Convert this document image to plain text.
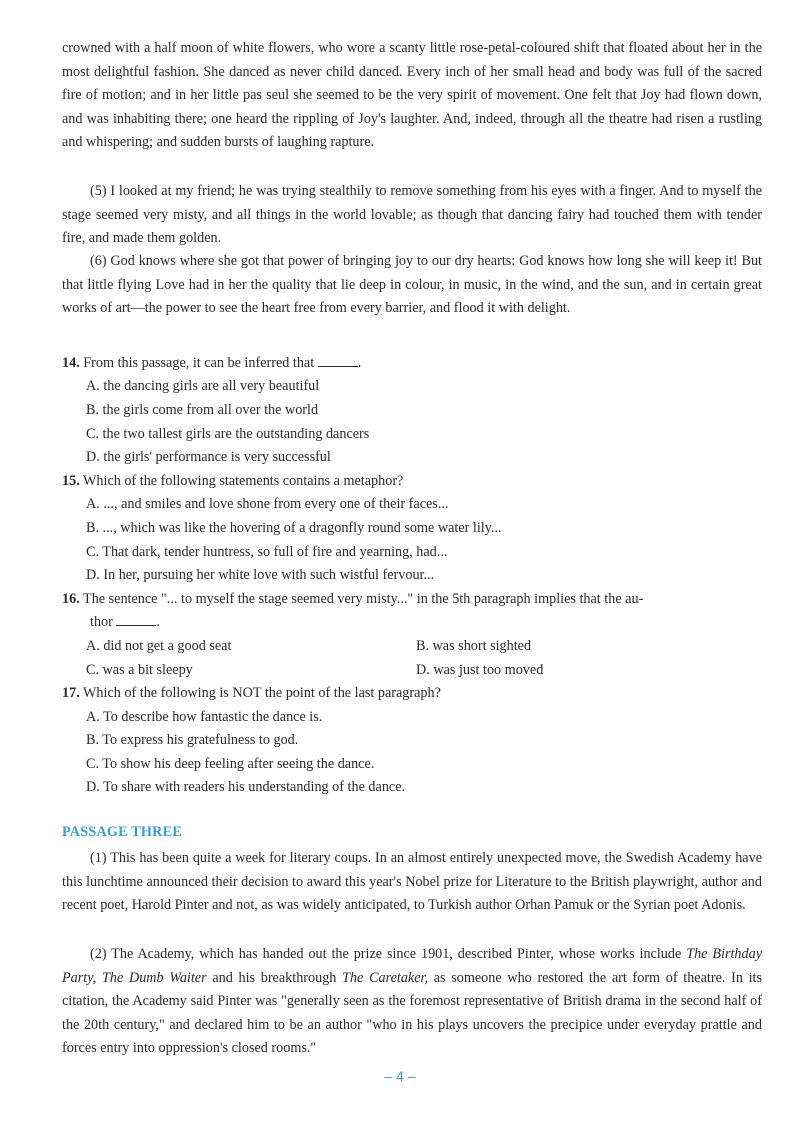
crowned with a half moon of white flowers, who wore a scanty little rose-petal-coloured shift that floated about her in the most delightful fashion. She danced as never child danced. Every inch of her small head and body was full of the sacred fire of motion; and in her little pas seul she seemed to be the very spirit of movement. One felt that Joy had flown down, and was inhabiting there; one heard the rippling of Joy's laughter. And, indeed, through all the theatre had risen a rustling and whispering; and sudden bursts of laughing rapture.

(5) I looked at my friend; he was trying stealthily to remove something from his eyes with a finger. And to myself the stage seemed very misty, and all things in the world lovable; as though that dancing fairy had touched them with tender fire, and made them golden.

(6) God knows where she got that power of bringing joy to our dry hearts: God knows how long she will keep it! But that little flying Love had in her the quality that lie deep in colour, in music, in the wind, and the sun, and in certain great works of art—the power to see the heart free from every barrier, and flood it with delight.

14. From this passage, it can be inferred that	.

A. the dancing girls are all very beautiful

B. the girls come from all over the world

C. the two tallest girls are the outstanding dancers

D. the girls' performance is very successful

15. Which of the following statements contains a metaphor?

A. ..., and smiles and love shone from every one of their faces...

B. ..., which was like the hovering of a dragonfly round some water lily...

C. That dark, tender huntress, so full of fire and yearning, had...

D. In her, pursuing her white love with such wistful fervour...

16. The sentence "... to myself the stage seemed very misty..." in the 5th paragraph implies that the au-

thor	.

A. did not get a good seat	B. was short sighted

C. was a bit sleepy	D. was just too moved

17. Which of the following is NOT the point of the last paragraph?

A. To describe how fantastic the dance is.

B. To express his gratefulness to god.

C. To show his deep feeling after seeing the dance.

D. To share with readers his understanding of the dance.

PASSAGE THREE

(1) This has been quite a week for literary coups. In an almost entirely unexpected move, the Swedish Academy have this lunchtime announced their decision to award this year's Nobel prize for Literature to the British playwright, author and recent poet, Harold Pinter and not, as was widely anticipated, to Turkish author Orhan Pamuk or the Syrian poet Adonis.

(2) The Academy, which has handed out the prize since 1901, described Pinter, whose works include The Birthday Party, The Dumb Waiter and his breakthrough The Caretaker, as someone who restored the art form of theatre. In its citation, the Academy said Pinter was "generally seen as the foremost representative of British drama in the second half of the 20th century," and declared him to be an author "who in his plays uncovers the precipice under everyday prattle and forces entry into oppression's closed rooms."

– 4 –
